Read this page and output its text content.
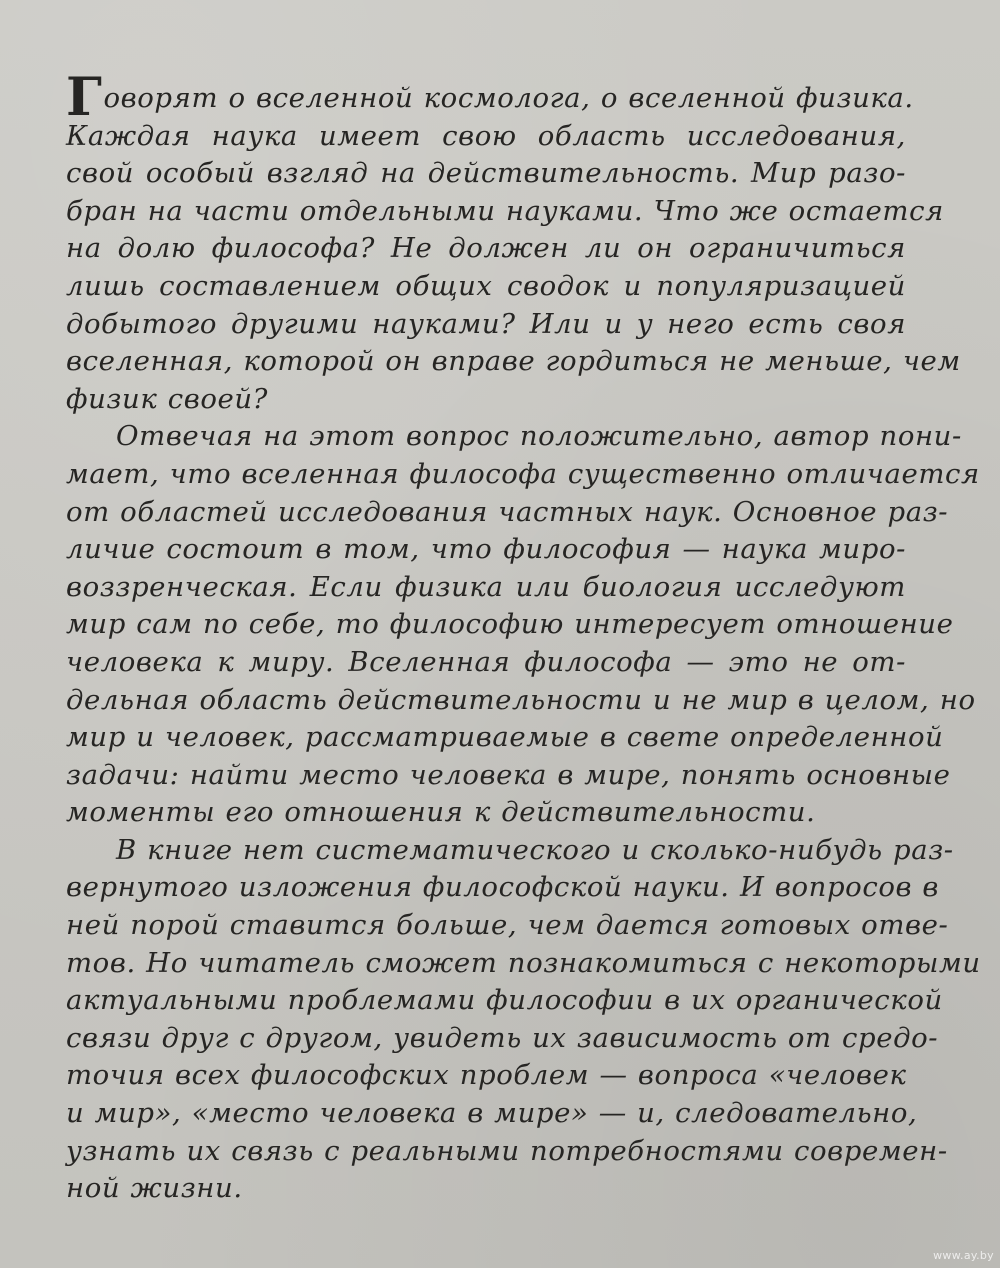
Говорят о вселенной космолога, о вселенной физика.
Каждая наука имеет свою область исследования,
свой особый взгляд на действительность. Мир разо-
бран на части отдельными науками. Что же остается
на долю философа? Не должен ли он ограничиться
лишь составлением общих сводок и популяризацией
добытого другими науками? Или и у него есть своя
вселенная, которой он вправе гордиться не меньше, чем
физик своей?
Отвечая на этот вопрос положительно, автор пони-
мает, что вселенная философа существенно отличается
от областей исследования частных наук. Основное раз-
личие состоит в том, что философия — наука миро-
воззренческая. Если физика или биология исследуют
мир сам по себе, то философию интересует отношение
человека к миру. Вселенная философа — это не от-
дельная область действительности и не мир в целом, но
мир и человек, рассматриваемые в свете определенной
задачи: найти место человека в мире, понять основные
моменты его отношения к действительности.
В книге нет систематического и сколько-нибудь раз-
вернутого изложения философской науки. И вопросов в
ней порой ставится больше, чем дается готовых отве-
тов. Но читатель сможет познакомиться с некоторыми
актуальными проблемами философии в их органической
связи друг с другом, увидеть их зависимость от средо-
точия всех философских проблем — вопроса «человек
и мир», «место человека в мире» — и, следовательно,
узнать их связь с реальными потребностями современ-
ной жизни.
www.ay.by
